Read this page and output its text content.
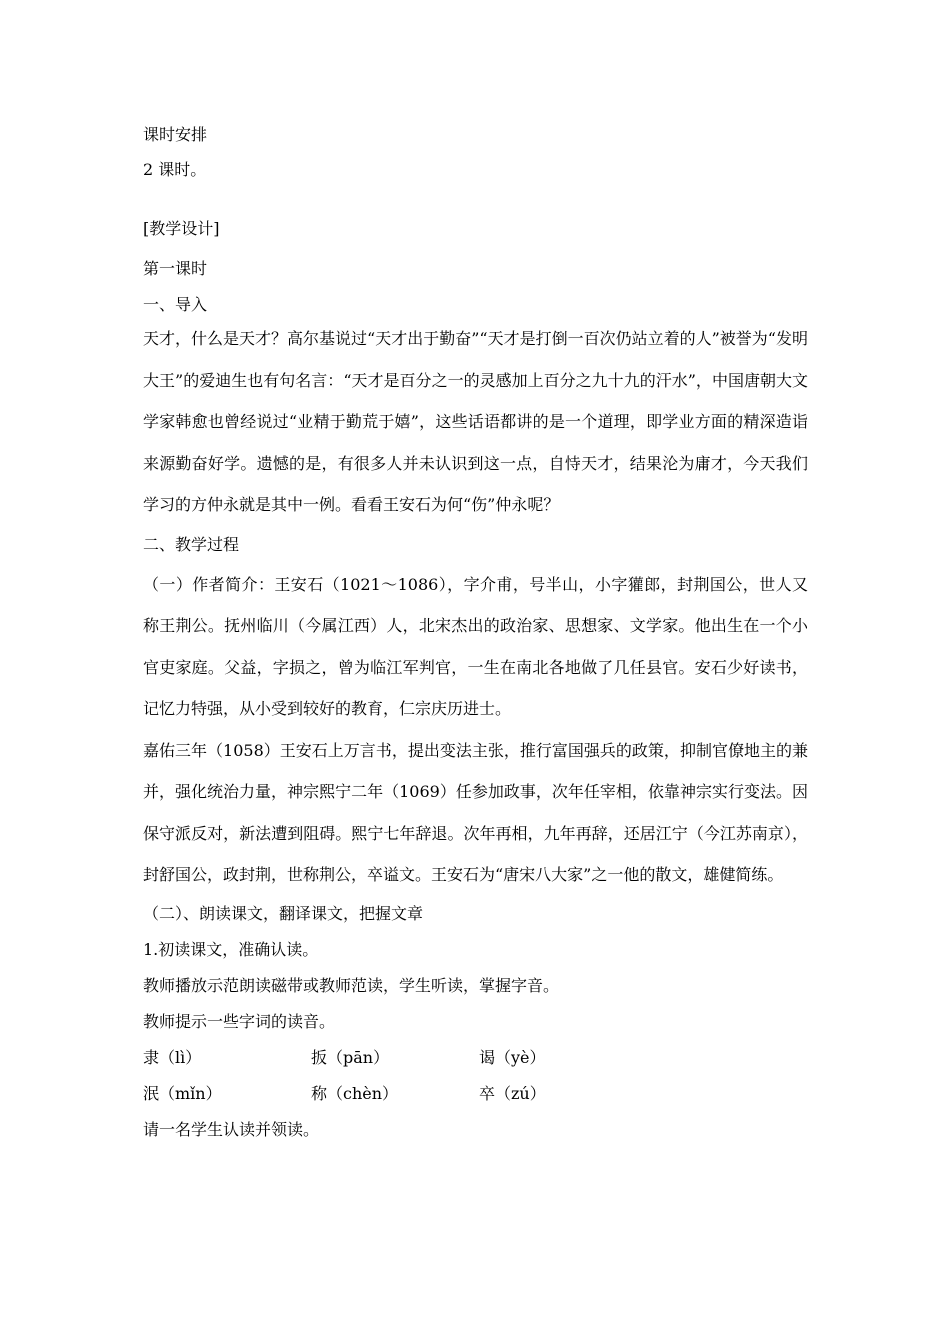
课时安排
2 课时。
[教学设计]
第一课时
一、导入

天才，什么是天才？高尔基说过“天才出于勤奋”“天才是打倒一百次仍站立着的人”被誉为“发明大王”的爱迪生也有句名言：“天才是百分之一的灵感加上百分之九十九的汗水”，中国唐朝大文学家韩愈也曾经说过“业精于勤荒于嬉”，这些话语都讲的是一个道理，即学业方面的精深造诣来源勤奋好学。遗憾的是，有很多人并未认识到这一点，自恃天才，结果沦为庸才，今天我们学习的方仲永就是其中一例。看看王安石为何“伤”仲永呢？

二、教学过程

（一）作者简介：王安石（1021～1086），字介甫，号半山，小字獾郎，封荆国公，世人又称王荆公。抚州临川（今属江西）人，北宋杰出的政治家、思想家、文学家。他出生在一个小官吏家庭。父益，字损之，曾为临江军判官，一生在南北各地做了几任县官。安石少好读书，记忆力特强，从小受到较好的教育，仁宗庆历进士。

嘉佑三年（1058）王安石上万言书，提出变法主张，推行富国强兵的政策，抑制官僚地主的兼并，强化统治力量，神宗熙宁二年（1069）任参加政事，次年任宰相，依靠神宗实行变法。因保守派反对，新法遭到阻碍。熙宁七年辞退。次年再相，九年再辞，还居江宁（今江苏南京），封舒国公，政封荆，世称荆公，卒谥文。王安石为“唐宋八大家”之一他的散文，雄健简练。

（二）、朗读课文，翻译课文，把握文章
1.初读课文，准确认读。
教师播放示范朗读磁带或教师范读，学生听读，掌握字音。
教师提示一些字词的读音。
隶（lì）	扳（pān）	谒（yè）
泯（mǐn）	称（chèn）	卒（zú）
请一名学生认读并领读。
